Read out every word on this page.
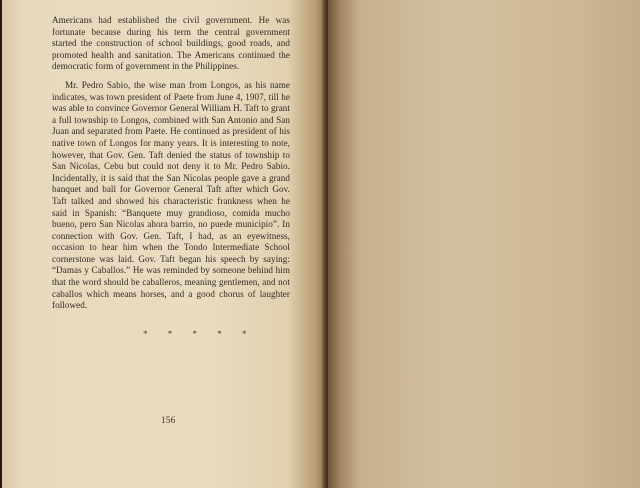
Americans had established the civil government. He was fortunate because during his term the central government started the construction of school buildings, good roads, and promoted health and sanitation. The Americans continued the democratic form of government in the Philippines.

Mr. Pedro Sabio, the wise man from Longos, as his name indicates, was town president of Paete from June 4, 1907, till he was able to convince Governor General William H. Taft to grant a full township to Longos, combined with San Antonio and San Juan and separated from Paete. He continued as president of his native town of Longos for many years. It is interesting to note, however, that Gov. Gen. Taft denied the status of township to San Nicolas, Cebu but could not deny it to Mr. Pedro Sabio. Incidentally, it is said that the San Nicolas people gave a grand banquet and ball for Governor General Taft after which Gov. Taft talked and showed his characteristic frankness when he said in Spanish: “Banquete muy grandioso, comida mucho bueno, pero San Nicolas ahora barrio, no puede municipio”. In connection with Gov. Gen. Taft, I had, as an eyewitness, occasion to hear him when the Tondo Intermediate School cornerstone was laid. Gov. Taft began his speech by saying: “Damas y Caballos.” He was reminded by someone behind him that the word should be caballeros, meaning gentlemen, and not caballos which means horses, and a good chorus of laughter followed.

* * * * *
156
